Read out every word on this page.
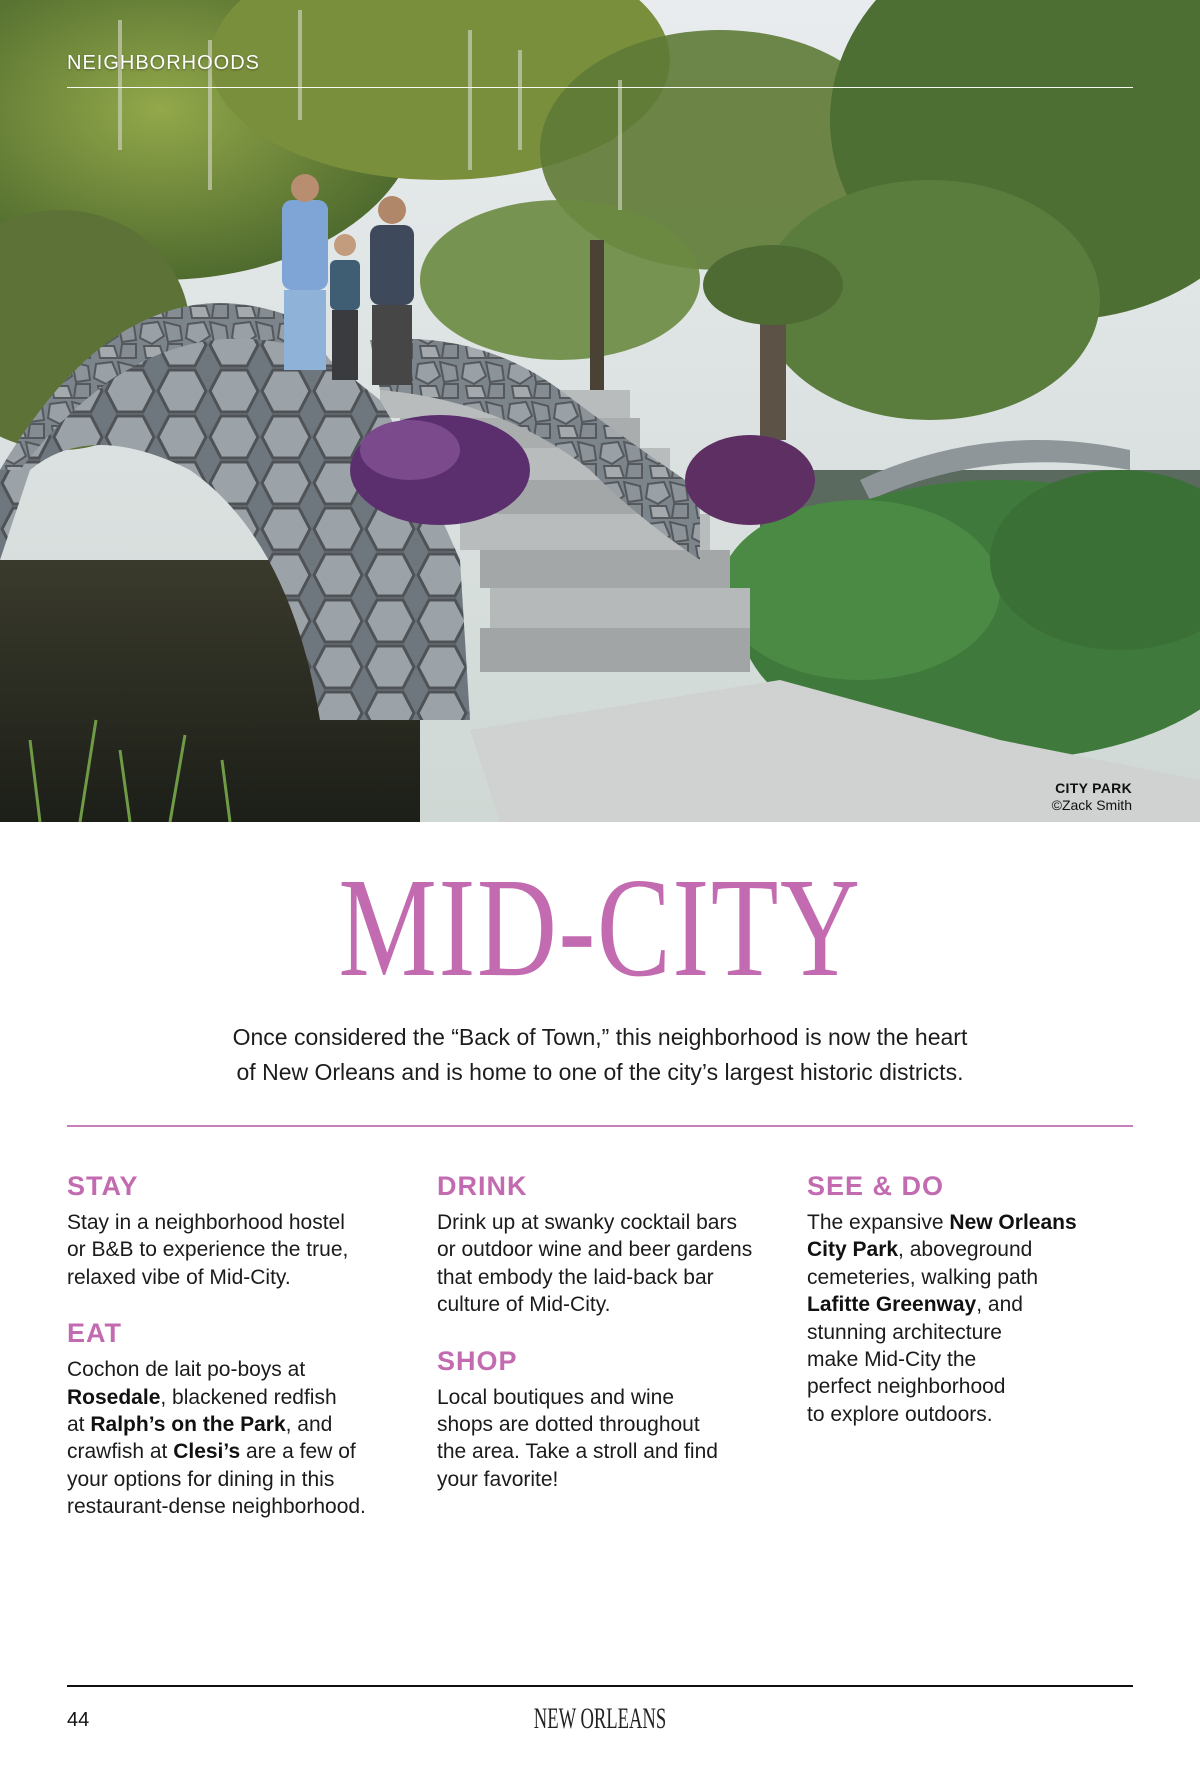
NEIGHBORHOODS
CITY PARK
©Zack Smith
MID-CITY
Once considered the “Back of Town,” this neighborhood is now the heart
of New Orleans and is home to one of the city’s largest historic districts.
STAY
Stay in a neighborhood hostel
or B&B to experience the true,
relaxed vibe of Mid-City.
EAT
Cochon de lait po-boys at
Rosedale, blackened redfish
at Ralph’s on the Park, and
crawfish at Clesi’s are a few of
your options for dining in this
restaurant-dense neighborhood.
DRINK
Drink up at swanky cocktail bars
or outdoor wine and beer gardens
that embody the laid-back bar
culture of Mid-City.
SHOP
Local boutiques and wine
shops are dotted throughout
the area. Take a stroll and find
your favorite!
SEE & DO
The expansive New Orleans
City Park, aboveground
cemeteries, walking path
Lafitte Greenway, and
stunning architecture
make Mid-City the
perfect neighborhood
to explore outdoors.
44	NEW ORLEANS
